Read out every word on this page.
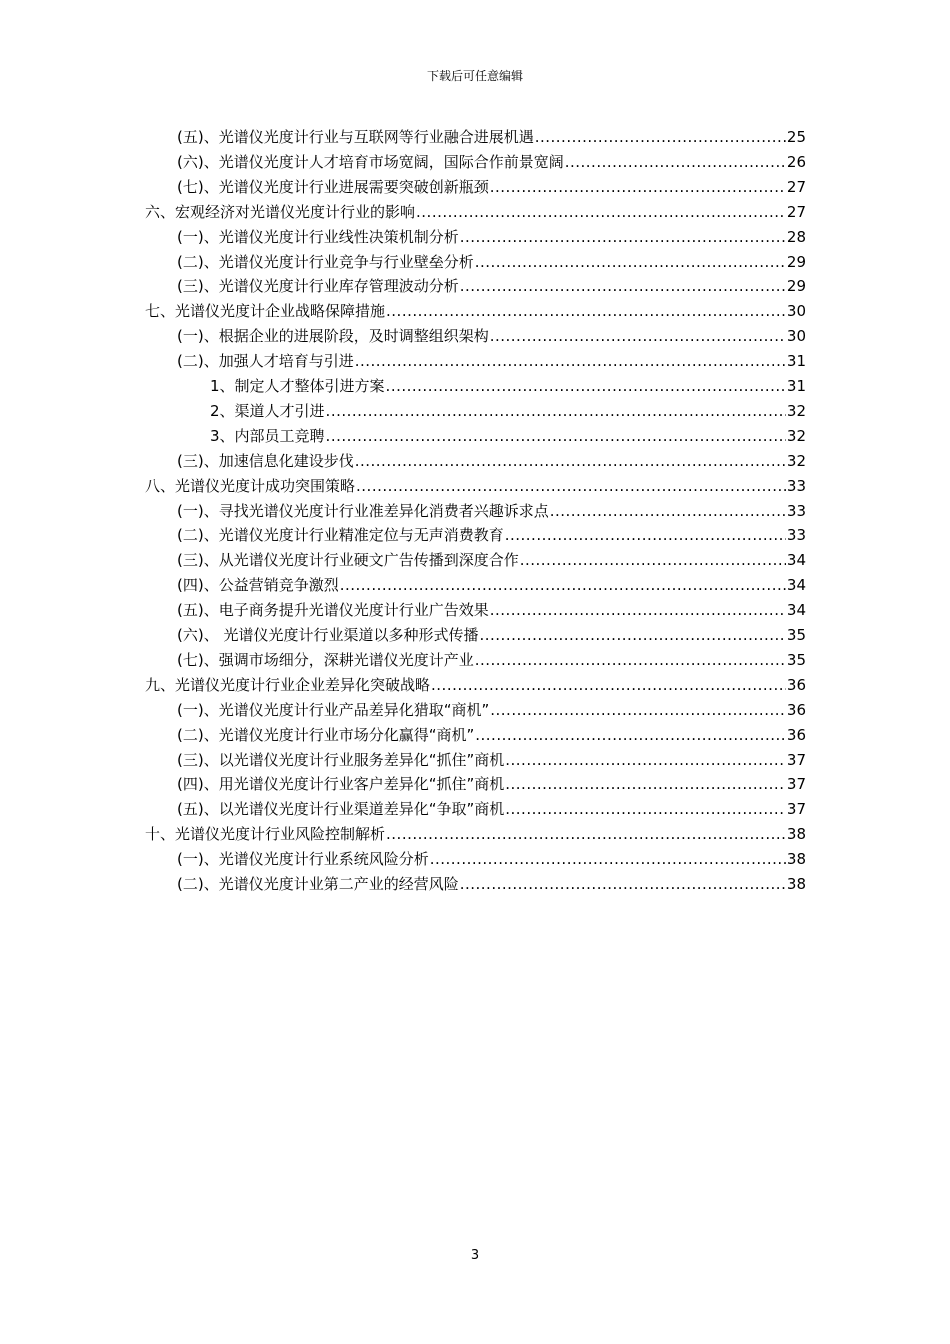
下载后可任意编辑
(五)、光谱仪光度计行业与互联网等行业融合进展机遇 .....	25
(六)、光谱仪光度计人才培育市场宽阔，国际合作前景宽阔 .....	26
(七)、光谱仪光度计行业进展需要突破创新瓶颈 .....	27
六、宏观经济对光谱仪光度计行业的影响 .....	27
(一)、光谱仪光度计行业线性决策机制分析 .....	28
(二)、光谱仪光度计行业竞争与行业壁垒分析 .....	29
(三)、光谱仪光度计行业库存管理波动分析 .....	29
七、光谱仪光度计企业战略保障措施 .....	30
(一)、根据企业的进展阶段，及时调整组织架构 .....	30
(二)、加强人才培育与引进 .....	31
1、制定人才整体引进方案 .....	31
2、渠道人才引进 .....	32
3、内部员工竞聘 .....	32
(三)、加速信息化建设步伐 .....	32
八、光谱仪光度计成功突围策略 .....	33
(一)、寻找光谱仪光度计行业准差异化消费者兴趣诉求点 .....	33
(二)、光谱仪光度计行业精准定位与无声消费教育 .....	33
(三)、从光谱仪光度计行业硬文广告传播到深度合作 .....	34
(四)、公益营销竞争激烈 .....	34
(五)、电子商务提升光谱仪光度计行业广告效果 .....	34
(六)、 光谱仪光度计行业渠道以多种形式传播 .....	35
(七)、强调市场细分，深耕光谱仪光度计产业 .....	35
九、光谱仪光度计行业企业差异化突破战略 .....	36
(一)、光谱仪光度计行业产品差异化猎取“商机” .....	36
(二)、光谱仪光度计行业市场分化赢得“商机” .....	36
(三)、以光谱仪光度计行业服务差异化“抓住”商机 .....	37
(四)、用光谱仪光度计行业客户差异化“抓住”商机 .....	37
(五)、以光谱仪光度计行业渠道差异化“争取”商机 .....	37
十、光谱仪光度计行业风险控制解析 .....	38
(一)、光谱仪光度计行业系统风险分析 .....	38
(二)、光谱仪光度计业第二产业的经营风险 .....	38
3
